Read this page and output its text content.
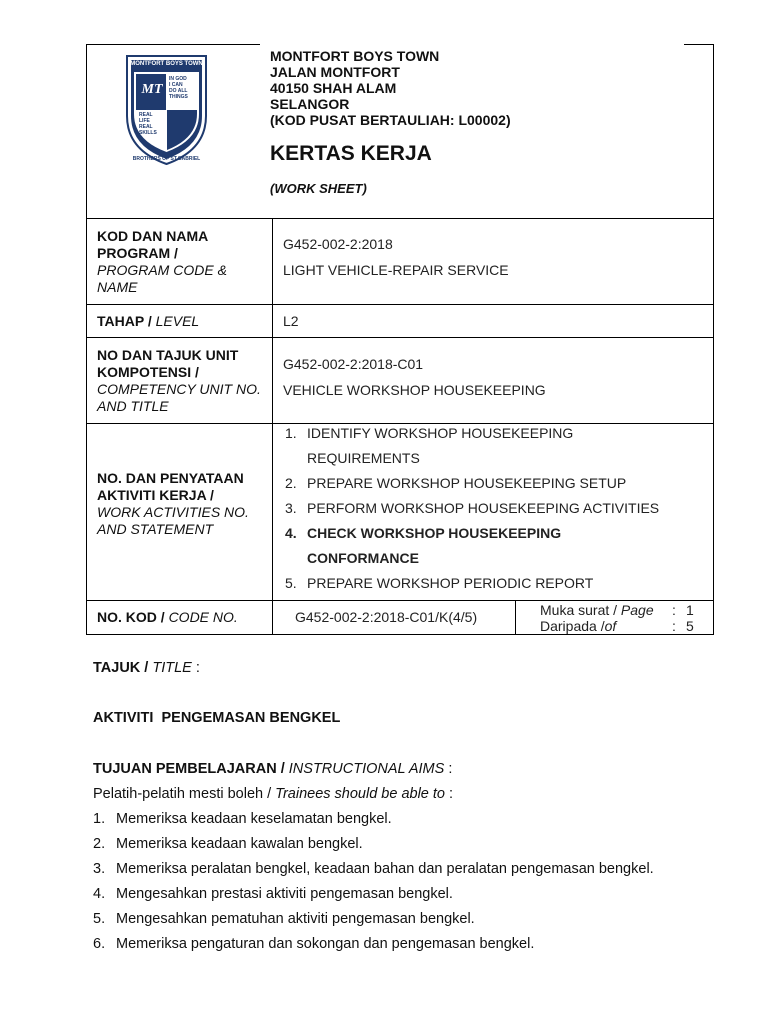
MONTFORT BOYS TOWN
MT
IN GOD
I CAN
DO ALL
THINGS
REAL
LIFE
REAL
SKILLS
BROTHERS OF ST.GABRIEL
MONTFORT BOYS TOWN
JALAN MONTFORT
40150 SHAH ALAM
SELANGOR
(KOD PUSAT BERTAULIAH: L00002)
KERTAS KERJA
(WORK SHEET)
KOD DAN NAMA PROGRAM /
PROGRAM CODE & NAME
G452-002-2:2018
LIGHT VEHICLE-REPAIR SERVICE
TAHAP / LEVEL	L2
NO DAN TAJUK UNIT KOMPOTENSI /
COMPETENCY UNIT NO. AND TITLE
G452-002-2:2018-C01
VEHICLE WORKSHOP HOUSEKEEPING
NO. DAN PENYATAAN AKTIVITI KERJA /
WORK ACTIVITIES NO. AND STATEMENT
1. IDENTIFY WORKSHOP HOUSEKEEPING
REQUIREMENTS
2. PREPARE WORKSHOP HOUSEKEEPING SETUP
3. PERFORM WORKSHOP HOUSEKEEPING ACTIVITIES
4. CHECK WORKSHOP HOUSEKEEPING
CONFORMANCE
5. PREPARE WORKSHOP PERIODIC REPORT
NO. KOD / CODE NO.	G452-002-2:2018-C01/K(4/5)	Muka surat / Page : 1
Daripada /of	: 5
TAJUK / TITLE :
AKTIVITI  PENGEMASAN BENGKEL
TUJUAN PEMBELAJARAN / INSTRUCTIONAL AIMS :
Pelatih-pelatih mesti boleh / Trainees should be able to :
1. Memeriksa keadaan keselamatan bengkel.
2. Memeriksa keadaan kawalan bengkel.
3. Memeriksa peralatan bengkel, keadaan bahan dan peralatan pengemasan bengkel.
4. Mengesahkan prestasi aktiviti pengemasan bengkel.
5. Mengesahkan pematuhan aktiviti pengemasan bengkel.
6. Memeriksa pengaturan dan sokongan dan pengemasan bengkel.
